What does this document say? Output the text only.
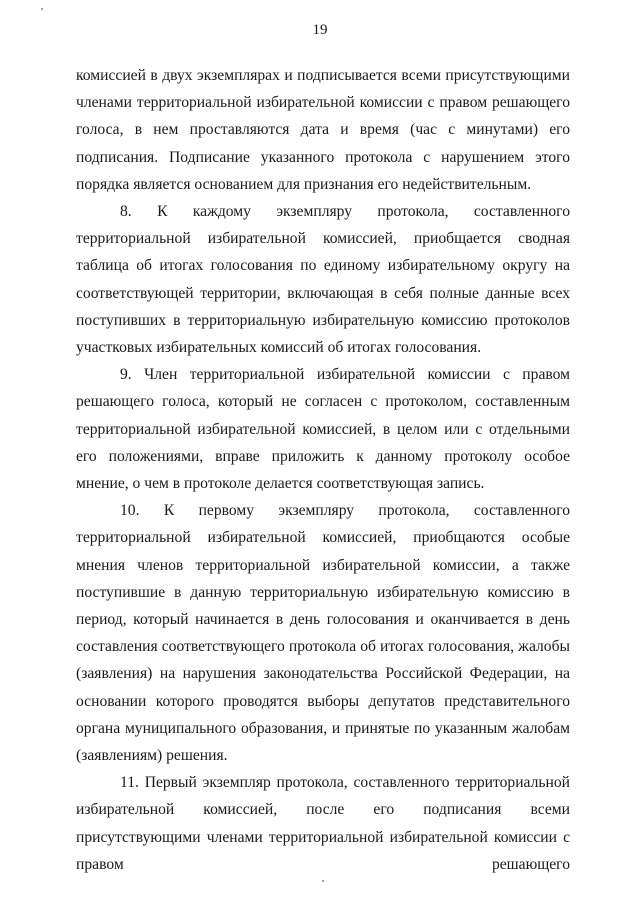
19

комиссией в двух экземплярах и подписывается всеми присутствующими членами территориальной избирательной комиссии с правом решающего голоса, в нем проставляются дата и время (час с минутами) его подписания. Подписание указанного протокола с нарушением этого порядка является основанием для признания его недействительным.

8. К каждому экземпляру протокола, составленного территориальной избирательной комиссией, приобщается сводная таблица об итогах голосования по единому избирательному округу на соответствующей территории, включающая в себя полные данные всех поступивших в территориальную избирательную комиссию протоколов участковых избирательных комиссий об итогах голосования.

9. Член территориальной избирательной комиссии с правом решающего голоса, который не согласен с протоколом, составленным территориальной избирательной комиссией, в целом или с отдельными его положениями, вправе приложить к данному протоколу особое мнение, о чем в протоколе делается соответствующая запись.

10. К первому экземпляру протокола, составленного территориальной избирательной комиссией, приобщаются особые мнения членов территориальной избирательной комиссии, а также поступившие в данную территориальную избирательную комиссию в период, который начинается в день голосования и оканчивается в день составления соответствующего протокола об итогах голосования, жалобы (заявления) на нарушения законодательства Российской Федерации, на основании которого проводятся выборы депутатов представительного органа муниципального образования, и принятые по указанным жалобам (заявлениям) решения.

11. Первый экземпляр протокола, составленного территориальной избирательной комиссией, после его подписания всеми присутствующими членами территориальной избирательной комиссии с правом решающего
